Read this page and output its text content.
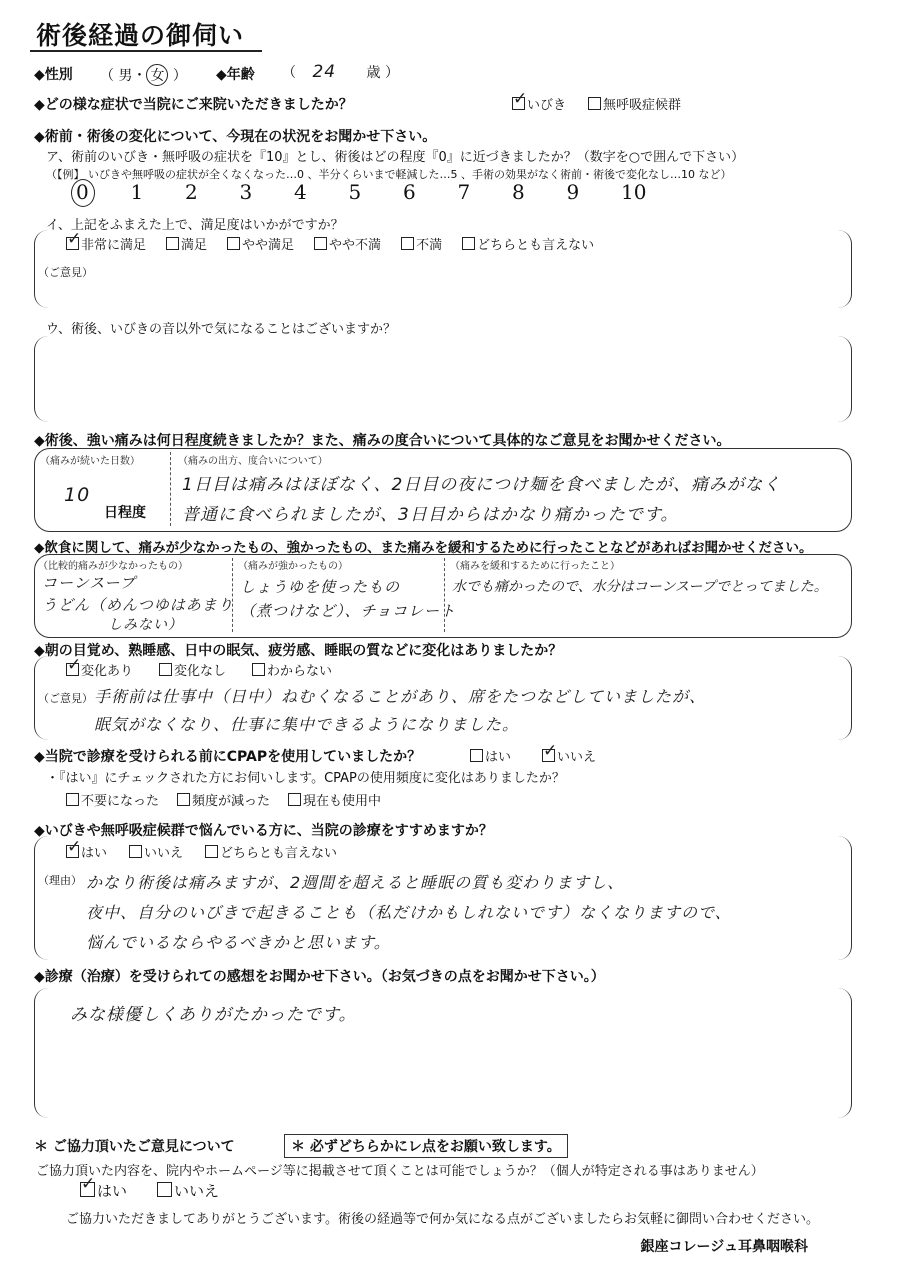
術後経過の御伺い
◆性別 （ 男・ 女 ） ◆年齢 （ 24 歳 ）
◆どの様な症状で当院にご来院いただきましたか？ ✓	いびき	無呼吸症候群
◆術前・術後の変化について、今現在の状況をお聞かせ下さい。
ア、術前のいびき・無呼吸の症状を『10』とし、術後はどの程度『0』に近づきましたか？（数字を○で囲んで下さい）
（【例】 いびきや無呼吸の症状が全くなくなった…0 、半分くらいまで軽減した…5 、手術の効果がなく術前・術後で変化なし…10 など）
0	1	2	3	4	5	6	7	8	9	10
イ、上記をふまえた上で、満足度はいかがですか？
✓非常に満足	満足	やや満足	やや不満	不満	どちらとも言えない
（ご意見）
ウ、術後、いびきの音以外で気になることはございますか？
◆術後、強い痛みは何日程度続きましたか？また、痛みの度合いについて具体的なご意見をお聞かせください。
（痛みが続いた日数）
10
日程度
（痛みの出方、度合いについて）
1日目は痛みはほぼなく、2日目の夜につけ麺を食べましたが、痛みがなく
普通に食べられましたが、3日目からはかなり痛かったです。
◆飲食に関して、痛みが少なかったもの、強かったもの、また痛みを緩和するために行ったことなどがあればお聞かせください。
（比較的痛みが少なかったもの）
コーンスープ
うどん（めんつゆはあまり
しみない）
（痛みが強かったもの）
しょうゆを使ったもの
（煮つけなど）、チョコレート
（痛みを緩和するために行ったこと）
水でも痛かったので、水分はコーンスープでとってました。
◆朝の目覚め、熟睡感、日中の眠気、疲労感、睡眠の質などに変化はありましたか？
✓変化あり	変化なし	わからない
（ご意見） 手術前は仕事中（日中）ねむくなることがあり、席をたつなどしていましたが、
眠気がなくなり、仕事に集中できるようになりました。
◆当院で診療を受けられる前にCPAPを使用していましたか？	はい ✓	いいえ
・『はい』にチェックされた方にお伺いします。CPAPの使用頻度に変化はありましたか？
不要になった	頻度が減った	現在も使用中
◆いびきや無呼吸症候群で悩んでいる方に、当院の診療をすすめますか？
✓はい	いいえ	どちらとも言えない
（理由） かなり術後は痛みますが、2週間を超えると睡眠の質も変わりますし、
夜中、自分のいびきで起きることも（私だけかもしれないです）なくなりますので、
悩んでいるならやるべきかと思います。
◆診療（治療）を受けられての感想をお聞かせ下さい。（お気づきの点をお聞かせ下さい。）
みな様優しくありがたかったです。
＊ ご協力頂いたご意見について	＊ 必ずどちらかにレ点をお願い致します。
ご協力頂いた内容を、院内やホームページ等に掲載させて頂くことは可能でしょうか？（個人が特定される事はありません）
✓はい	いいえ
ご協力いただきましてありがとうございます。術後の経過等で何か気になる点がございましたらお気軽に御問い合わせください。
銀座コレージュ耳鼻咽喉科
